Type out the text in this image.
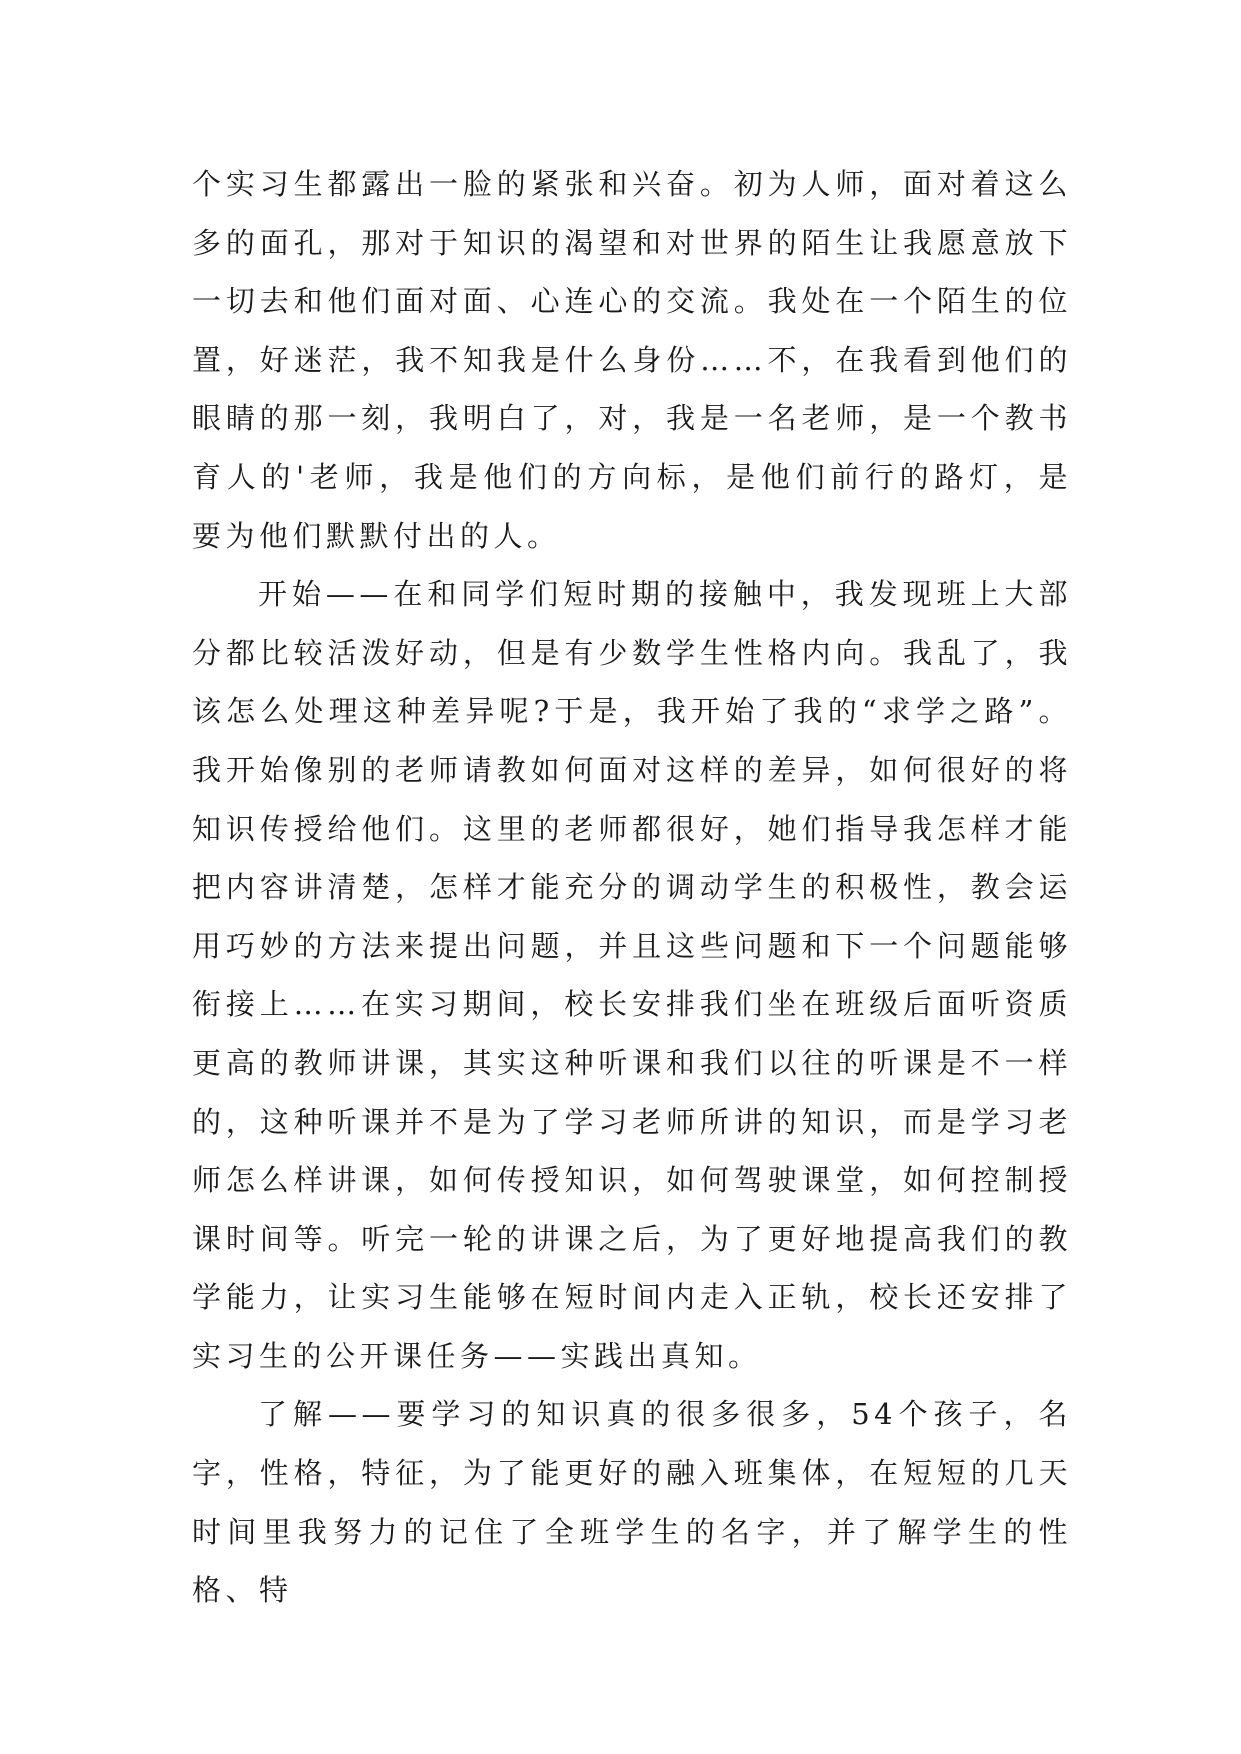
个实习生都露出一脸的紧张和兴奋。初为人师，面对着这么多的面孔，那对于知识的渴望和对世界的陌生让我愿意放下一切去和他们面对面、心连心的交流。我处在一个陌生的位置，好迷茫，我不知我是什么身份……不，在我看到他们的眼睛的那一刻，我明白了，对，我是一名老师，是一个教书育人的'老师，我是他们的方向标，是他们前行的路灯，是要为他们默默付出的人。

开始——在和同学们短时期的接触中，我发现班上大部分都比较活泼好动，但是有少数学生性格内向。我乱了，我该怎么处理这种差异呢?于是，我开始了我的“求学之路”。我开始像别的老师请教如何面对这样的差异，如何很好的将知识传授给他们。这里的老师都很好，她们指导我怎样才能把内容讲清楚，怎样才能充分的调动学生的积极性，教会运用巧妙的方法来提出问题，并且这些问题和下一个问题能够衔接上……在实习期间，校长安排我们坐在班级后面听资质更高的教师讲课，其实这种听课和我们以往的听课是不一样的，这种听课并不是为了学习老师所讲的知识，而是学习老师怎么样讲课，如何传授知识，如何驾驶课堂，如何控制授课时间等。听完一轮的讲课之后，为了更好地提高我们的教学能力，让实习生能够在短时间内走入正轨，校长还安排了实习生的公开课任务——实践出真知。

了解——要学习的知识真的很多很多，54个孩子，名字，性格，特征，为了能更好的融入班集体，在短短的几天时间里我努力的记住了全班学生的名字，并了解学生的性格、特
